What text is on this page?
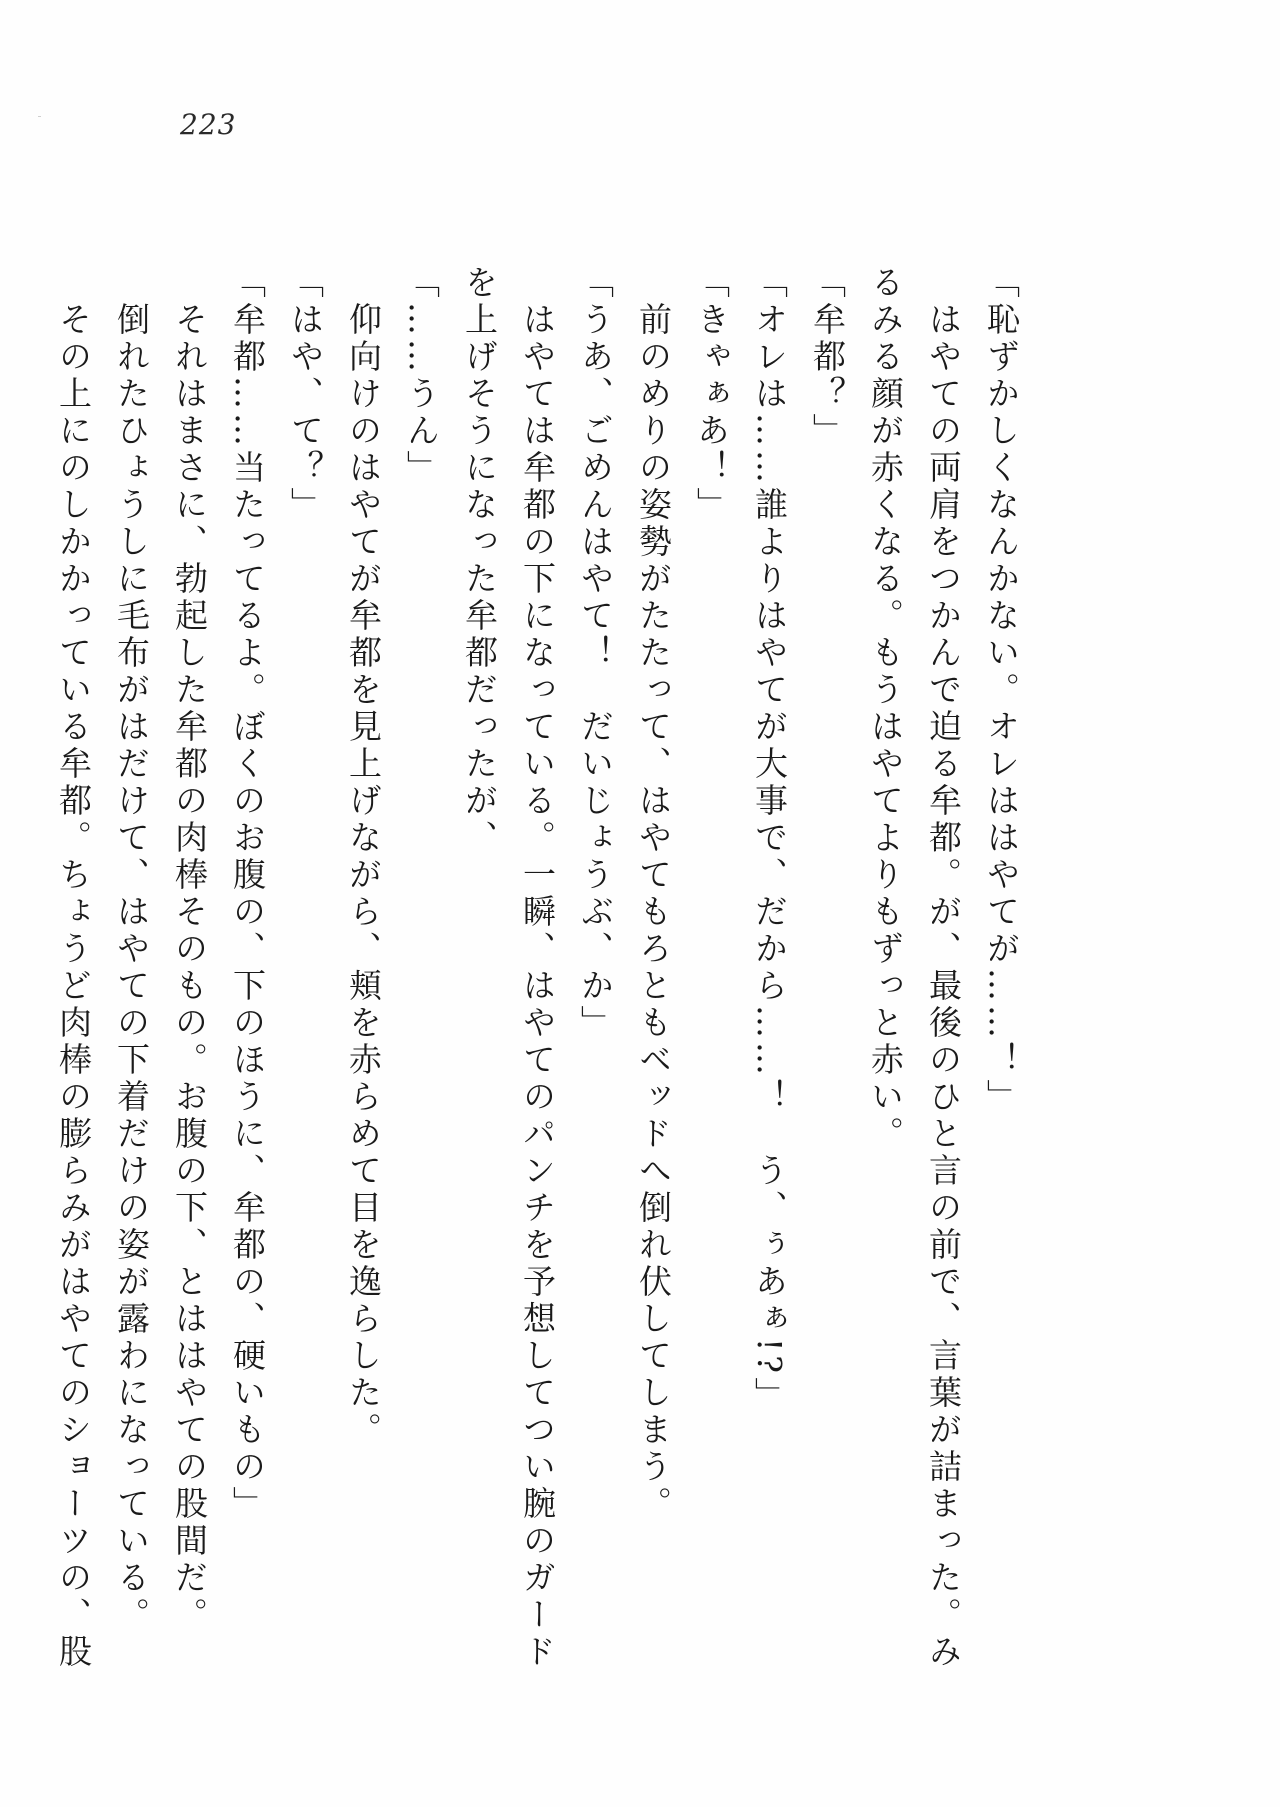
223
「恥ずかしくなんかない。オレははやてが……！」
　はやての両肩をつかんで迫る牟都。が、最後のひと言の前で、言葉が詰まった。み
るみる顔が赤くなる。もうはやてよりもずっと赤い。
「牟都？」
「オレは……誰よりはやてが大事で、だから……！　う、ぅあぁ!?」
「きゃぁあ！」
　前のめりの姿勢がたたって、はやてもろともベッドへ倒れ伏してしまう。
「うあ、ごめんはやて！　だいじょうぶ、か」
　はやては牟都の下になっている。一瞬、はやてのパンチを予想してつい腕のガード
を上げそうになった牟都だったが、
「……うん」
　仰向けのはやてが牟都を見上げながら、頬を赤らめて目を逸らした。
「はや、て？」
「牟都……当たってるよ。ぼくのお腹の、下のほうに、牟都の、硬いもの」
　それはまさに、勃起した牟都の肉棒そのもの。お腹の下、とははやての股間だ。
　倒れたひょうしに毛布がはだけて、はやての下着だけの姿が露わになっている。
　その上にのしかかっている牟都。ちょうど肉棒の膨らみがはやてのショーツの、股
